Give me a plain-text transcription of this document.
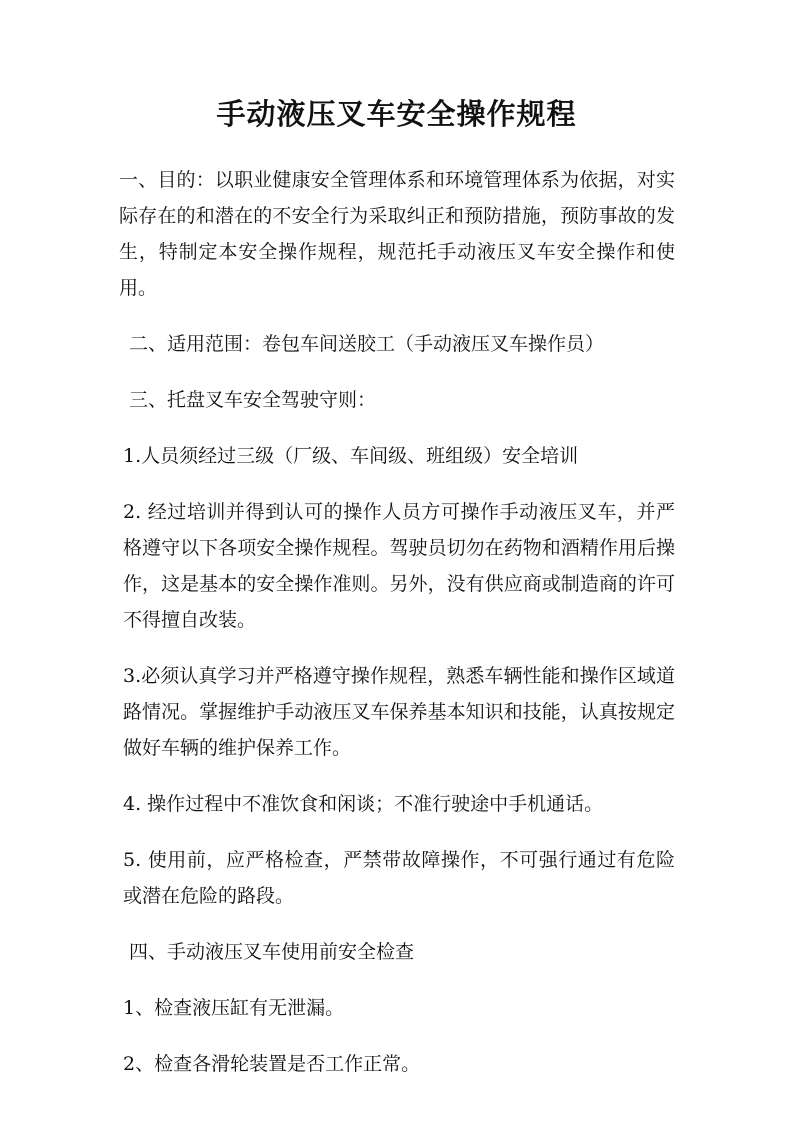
手动液压叉车安全操作规程

一、目的：以职业健康安全管理体系和环境管理体系为依据，对实际存在的和潜在的不安全行为采取纠正和预防措施，预防事故的发生，特制定本安全操作规程，规范托手动液压叉车安全操作和使用。

二、适用范围：卷包车间送胶工（手动液压叉车操作员）

三、托盘叉车安全驾驶守则：

1.人员须经过三级（厂级、车间级、班组级）安全培训

2. 经过培训并得到认可的操作人员方可操作手动液压叉车，并严格遵守以下各项安全操作规程。驾驶员切勿在药物和酒精作用后操作，这是基本的安全操作准则。另外，没有供应商或制造商的许可不得擅自改装。

3.必须认真学习并严格遵守操作规程，熟悉车辆性能和操作区域道路情况。掌握维护手动液压叉车保养基本知识和技能，认真按规定做好车辆的维护保养工作。

4. 操作过程中不准饮食和闲谈；不准行驶途中手机通话。

5. 使用前，应严格检查，严禁带故障操作，不可强行通过有危险或潜在危险的路段。

四、手动液压叉车使用前安全检查

1、检查液压缸有无泄漏。

2、检查各滑轮装置是否工作正常。
